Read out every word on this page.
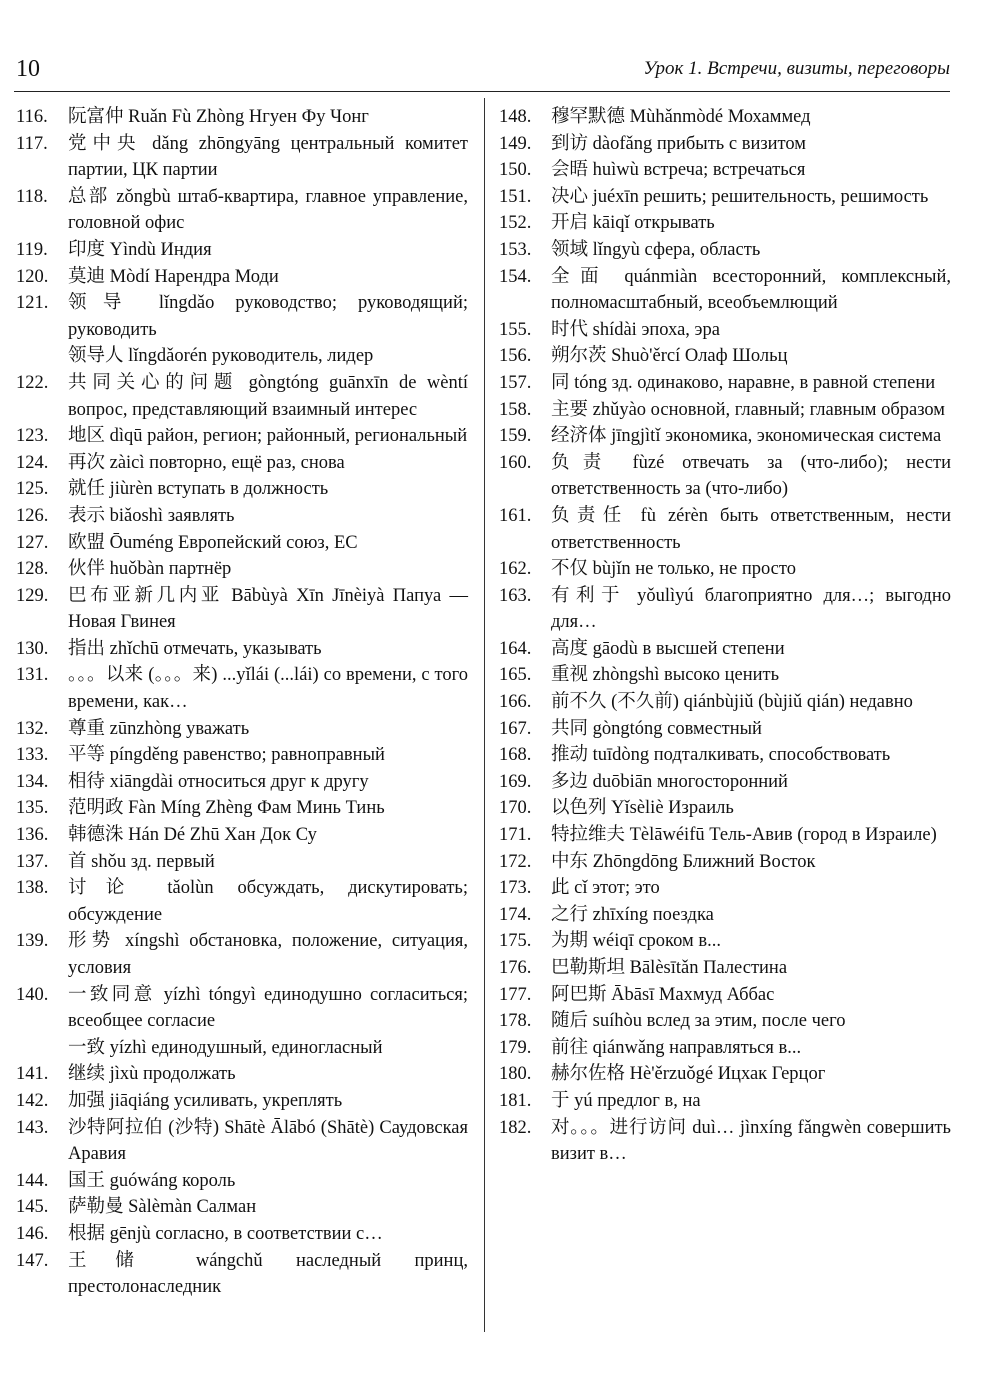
10	Урок 1. Встречи, визиты, переговоры
116.	阮富仲 Ruǎn Fù Zhòng Нгуен Фу Чонг
117.	党中央 dǎng zhōngyāng центральный комитет партии, ЦК партии
118.	总部 zǒngbù штаб-квартира, главное управление, головной офис
119.	印度 Yìndù Индия
120.	莫迪 Mòdí Нарендра Моди
121.	领导 lǐngdǎo руководство; руководящий; руководить
领导人 lǐngdǎorén руководитель, лидер
122.	共同关心的问题 gòngtóng guānxīn de wèntí вопрос, представляющий взаимный интерес
123.	地区 dìqū район, регион; районный, региональный
124.	再次 zàicì повторно, ещё раз, снова
125.	就任 jiùrèn вступать в должность
126.	表示 biǎoshì заявлять
127.	欧盟 Ōuméng Европейский союз, ЕС
128.	伙伴 huǒbàn партнёр
129.	巴布亚新几内亚 Bābùyà Xīn Jīnèiyà Папуа — Новая Гвинея
130.	指出 zhǐchū отмечать, указывать
131.	。。。以来 (。。。来) ...yǐlái (...lái) со времени, с того времени, как…
132.	尊重 zūnzhòng уважать
133.	平等 píngděng равенство; равноправный
134.	相待 xiāngdài относиться друг к другу
135.	范明政 Fàn Míng Zhèng Фам Минь Тинь
136.	韩德洙 Hán Dé Zhū Хан Док Су
137.	首 shǒu зд. первый
138.	讨论 tǎolùn обсуждать, дискутировать; обсуждение
139.	形势 xíngshì обстановка, положение, ситуация, условия
140.	一致同意 yízhì tóngyì единодушно согласиться; всеобщее согласие
一致 yízhì единодушный, единогласный
141.	继续 jìxù продолжать
142.	加强 jiāqiáng усиливать, укреплять
143.	沙特阿拉伯 (沙特) Shātè Ālābó (Shātè) Саудовская Аравия
144.	国王 guówáng король
145.	萨勒曼 Sàlèmàn Салман
146.	根据 gēnjù согласно, в соответствии с…
147.	王储 wángchǔ наследный принц, престолонаследник
148.	穆罕默德 Mùhǎnmòdé Мохаммед
149.	到访 dàofǎng прибыть с визитом
150.	会晤 huìwù встреча; встречаться
151.	决心 juéxīn решить; решительность, решимость
152.	开启 kāiqǐ открывать
153.	领域 lǐngyù сфера, область
154.	全面 quánmiàn всесторонний, комплексный, полномасштабный, всеобъемлющий
155.	时代 shídài эпоха, эра
156.	朔尔茨 Shuò'ěrcí Олаф Шольц
157.	同 tóng зд. одинаково, наравне, в равной степени
158.	主要 zhǔyào основной, главный; главным образом
159.	经济体 jīngjìtǐ экономика, экономическая система
160.	负责 fùzé отвечать за (что-либо); нести ответственность за (что-либо)
161.	负责任 fù zérèn быть ответственным, нести ответственность
162.	不仅 bùjǐn не только, не просто
163.	有利于 yǒulìyú благоприятно для…; выгодно для…
164.	高度 gāodù в высшей степени
165.	重视 zhòngshì высоко ценить
166.	前不久 (不久前) qiánbùjiǔ (bùjiǔ qián) недавно
167.	共同 gòngtóng совместный
168.	推动 tuīdòng подталкивать, способствовать
169.	多边 duōbiān многосторонний
170.	以色列 Yǐsèliè Израиль
171.	特拉维夫 Tèlāwéifū Тель-Авив (город в Израиле)
172.	中东 Zhōngdōng Ближний Восток
173.	此 cǐ этот; это
174.	之行 zhīxíng поездка
175.	为期 wéiqī сроком в...
176.	巴勒斯坦 Bālèsītǎn Палестина
177.	阿巴斯 Ābāsī Махмуд Аббас
178.	随后 suíhòu вслед за этим, после чего
179.	前往 qiánwǎng направляться в...
180.	赫尔佐格 Hè'ěrzuǒgé Ицхак Герцог
181.	于 yú предлог в, на
182.	对。。。进行访问 duì… jìnxíng fǎngwèn совершить визит в…
